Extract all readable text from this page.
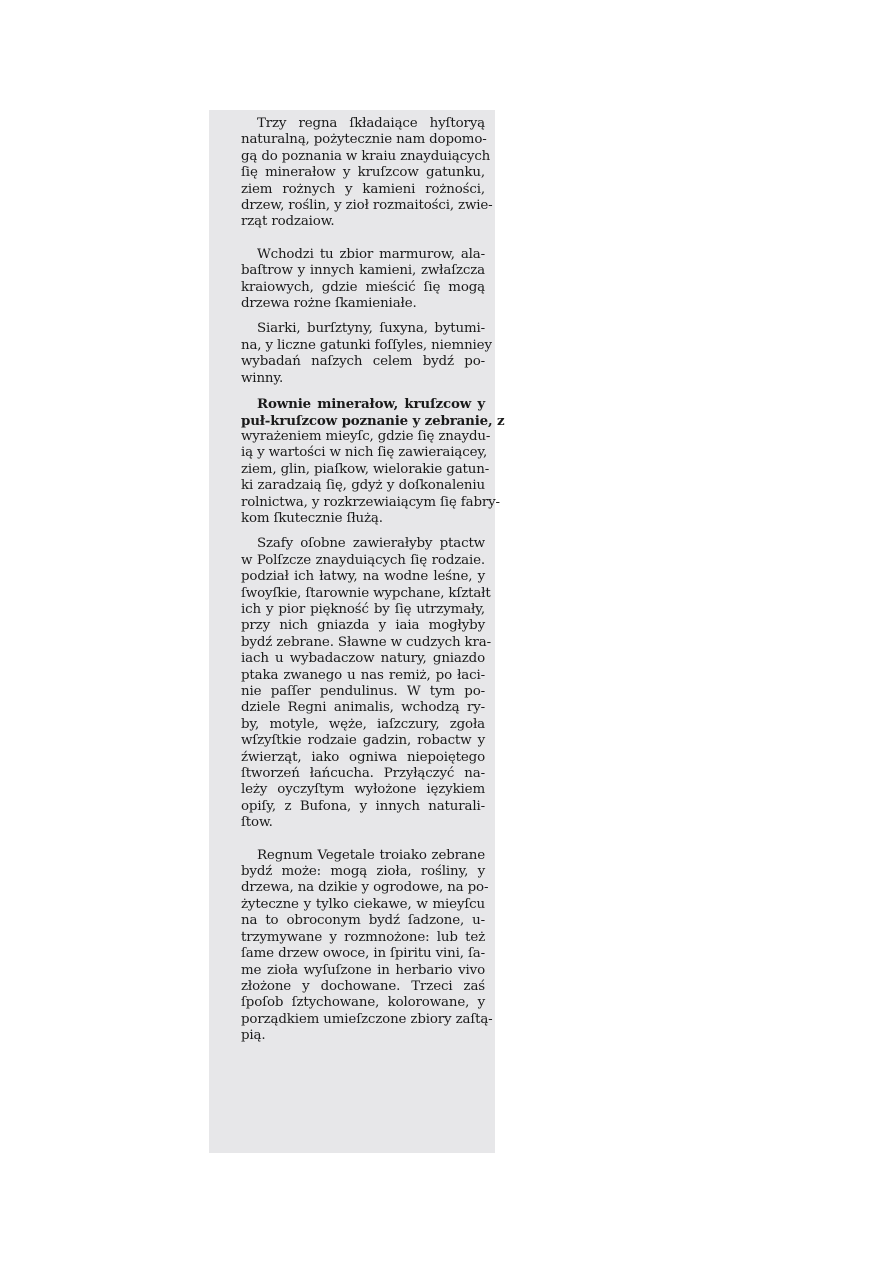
Trzy regna ſkładaiące hyſtoryą
naturalną, pożytecznie nam dopomo-
gą do poznania w kraiu znayduiących
ſię minerałow y kruſzcow gatunku,
ziem rożnych y kamieni rożności,
drzew, roślin, y zioł rozmaitości, zwie-
rząt rodzaiow.

Wchodzi tu zbior marmurow, ala-
baſtrow y innych kamieni, zwłaſzcza
kraiowych, gdzie mieścić ſię mogą
drzewa rożne ſkamieniałe.

Siarki, burſztyny, ſuxyna, bytumi-
na, y liczne gatunki foſſyles, niemniey
wybadań naſzych celem bydź po-
winny.

Rownie minerałow, kruſzcow y
puł-kruſzcow poznanie y zebranie, z
wyrażeniem mieyſc, gdzie ſię znaydu-
ią y wartości w nich ſię zawieraiącey,
ziem, glin, piaſkow, wielorakie gatun-
ki zaradzaią ſię, gdyż y doſkonaleniu
rolnictwa, y rozkrzewiaiącym ſię fabry-
kom ſkutecznie ſłużą.

Szafy oſobne zawierałyby ptactw
w Polſzcze znayduiących ſię rodzaie.
podział ich łatwy, na wodne leśne, y
ſwoyſkie, ſtarownie wypchane, kſztałt
ich y pior piękność by ſię utrzymały,
przy nich gniazda y iaia mogłyby
bydź zebrane. Sławne w cudzych kra-
iach u wybadaczow natury, gniazdo
ptaka zwanego u nas remiż, po łaci-
nie paſſer pendulinus. W tym po-
dziele Regni animalis, wchodzą ry-
by, motyle, węże, iaſzczury, zgoła
wſzyſtkie rodzaie gadzin, robactw y
źwierząt, iako ogniwa niepoiętego
ſtworzeń łańcucha. Przyłączyć na-
leży oyczyſtym wyłożone ięzykiem
opiſy, z Bufona, y innych naturali-
ſtow.

Regnum Vegetale troiako zebrane
bydź może: mogą zioła, rośliny, y
drzewa, na dzikie y ogrodowe, na po-
żyteczne y tylko ciekawe, w mieyſcu
na to obroconym bydź ſadzone, u-
trzymywane y rozmnożone: lub też
ſame drzew owoce, in ſpiritu vini, ſa-
me zioła wyſuſzone in herbario vivo
złożone y dochowane. Trzeci zaś
ſpoſob ſztychowane, kolorowane, y
porządkiem umieſzczone zbiory zaſtą-
pią.
